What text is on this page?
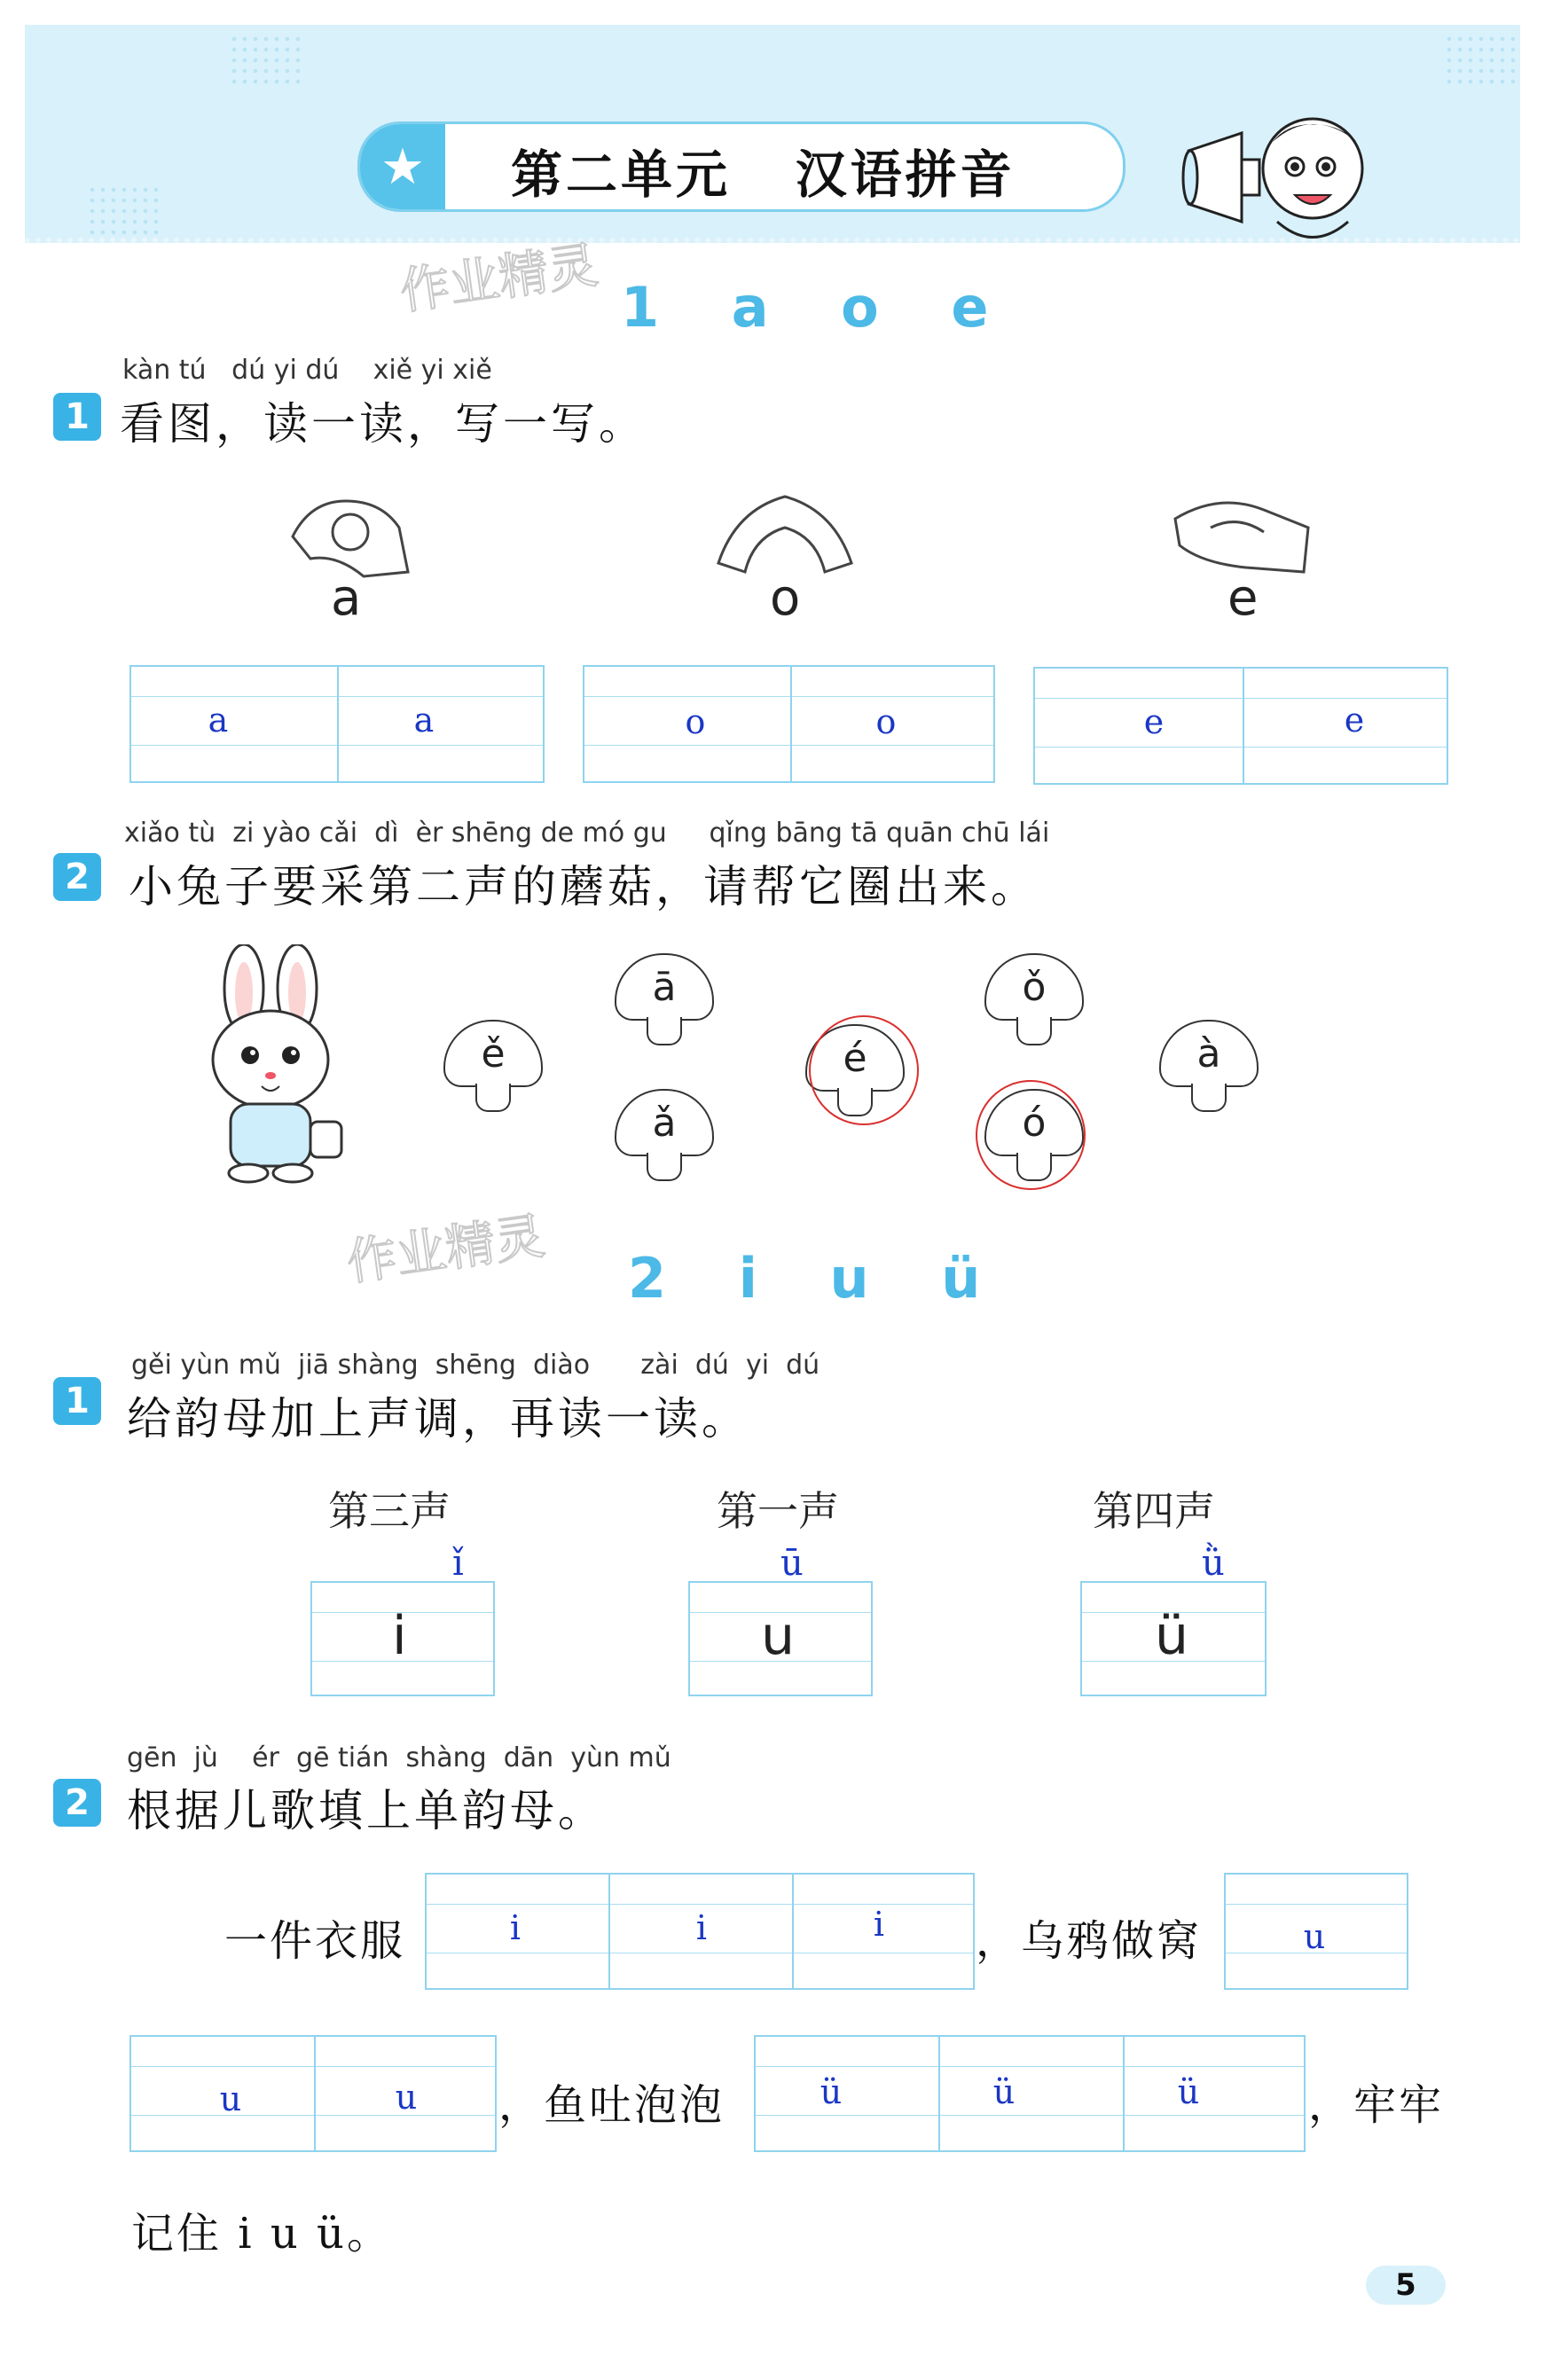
★	第二单元   汉语拼音
作业精灵
作业精灵
1 a o e
1
kàn tú   dú yi dú    xiě yi xiě
看图，读一读，写一写。
a	o	e
a	a	o	o	e	e
2
xiǎo tù  zi yào cǎi  dì  èr shēng de mó gu     qǐng bāng tā quān chū lái
小兔子要采第二声的蘑菇，请帮它圈出来。
ě
ā
ǎ
é
ǒ
ó
à
2 i u ü
1
gěi yùn mǔ  jiā shàng  shēng  diào      zài  dú  yi  dú
给韵母加上声调，再读一读。
第三声
ǐ
i
第一声
ū
u
第四声
ǜ
ü
2
gēn  jù    ér  gē tián  shàng  dān  yùn mǔ
根据儿歌填上单韵母。
一件衣服	i	i	i	，乌鸦做窝	u
u	u	，鱼吐泡泡	ü	ü	ü	，牢牢
记住 i u ü。
5
